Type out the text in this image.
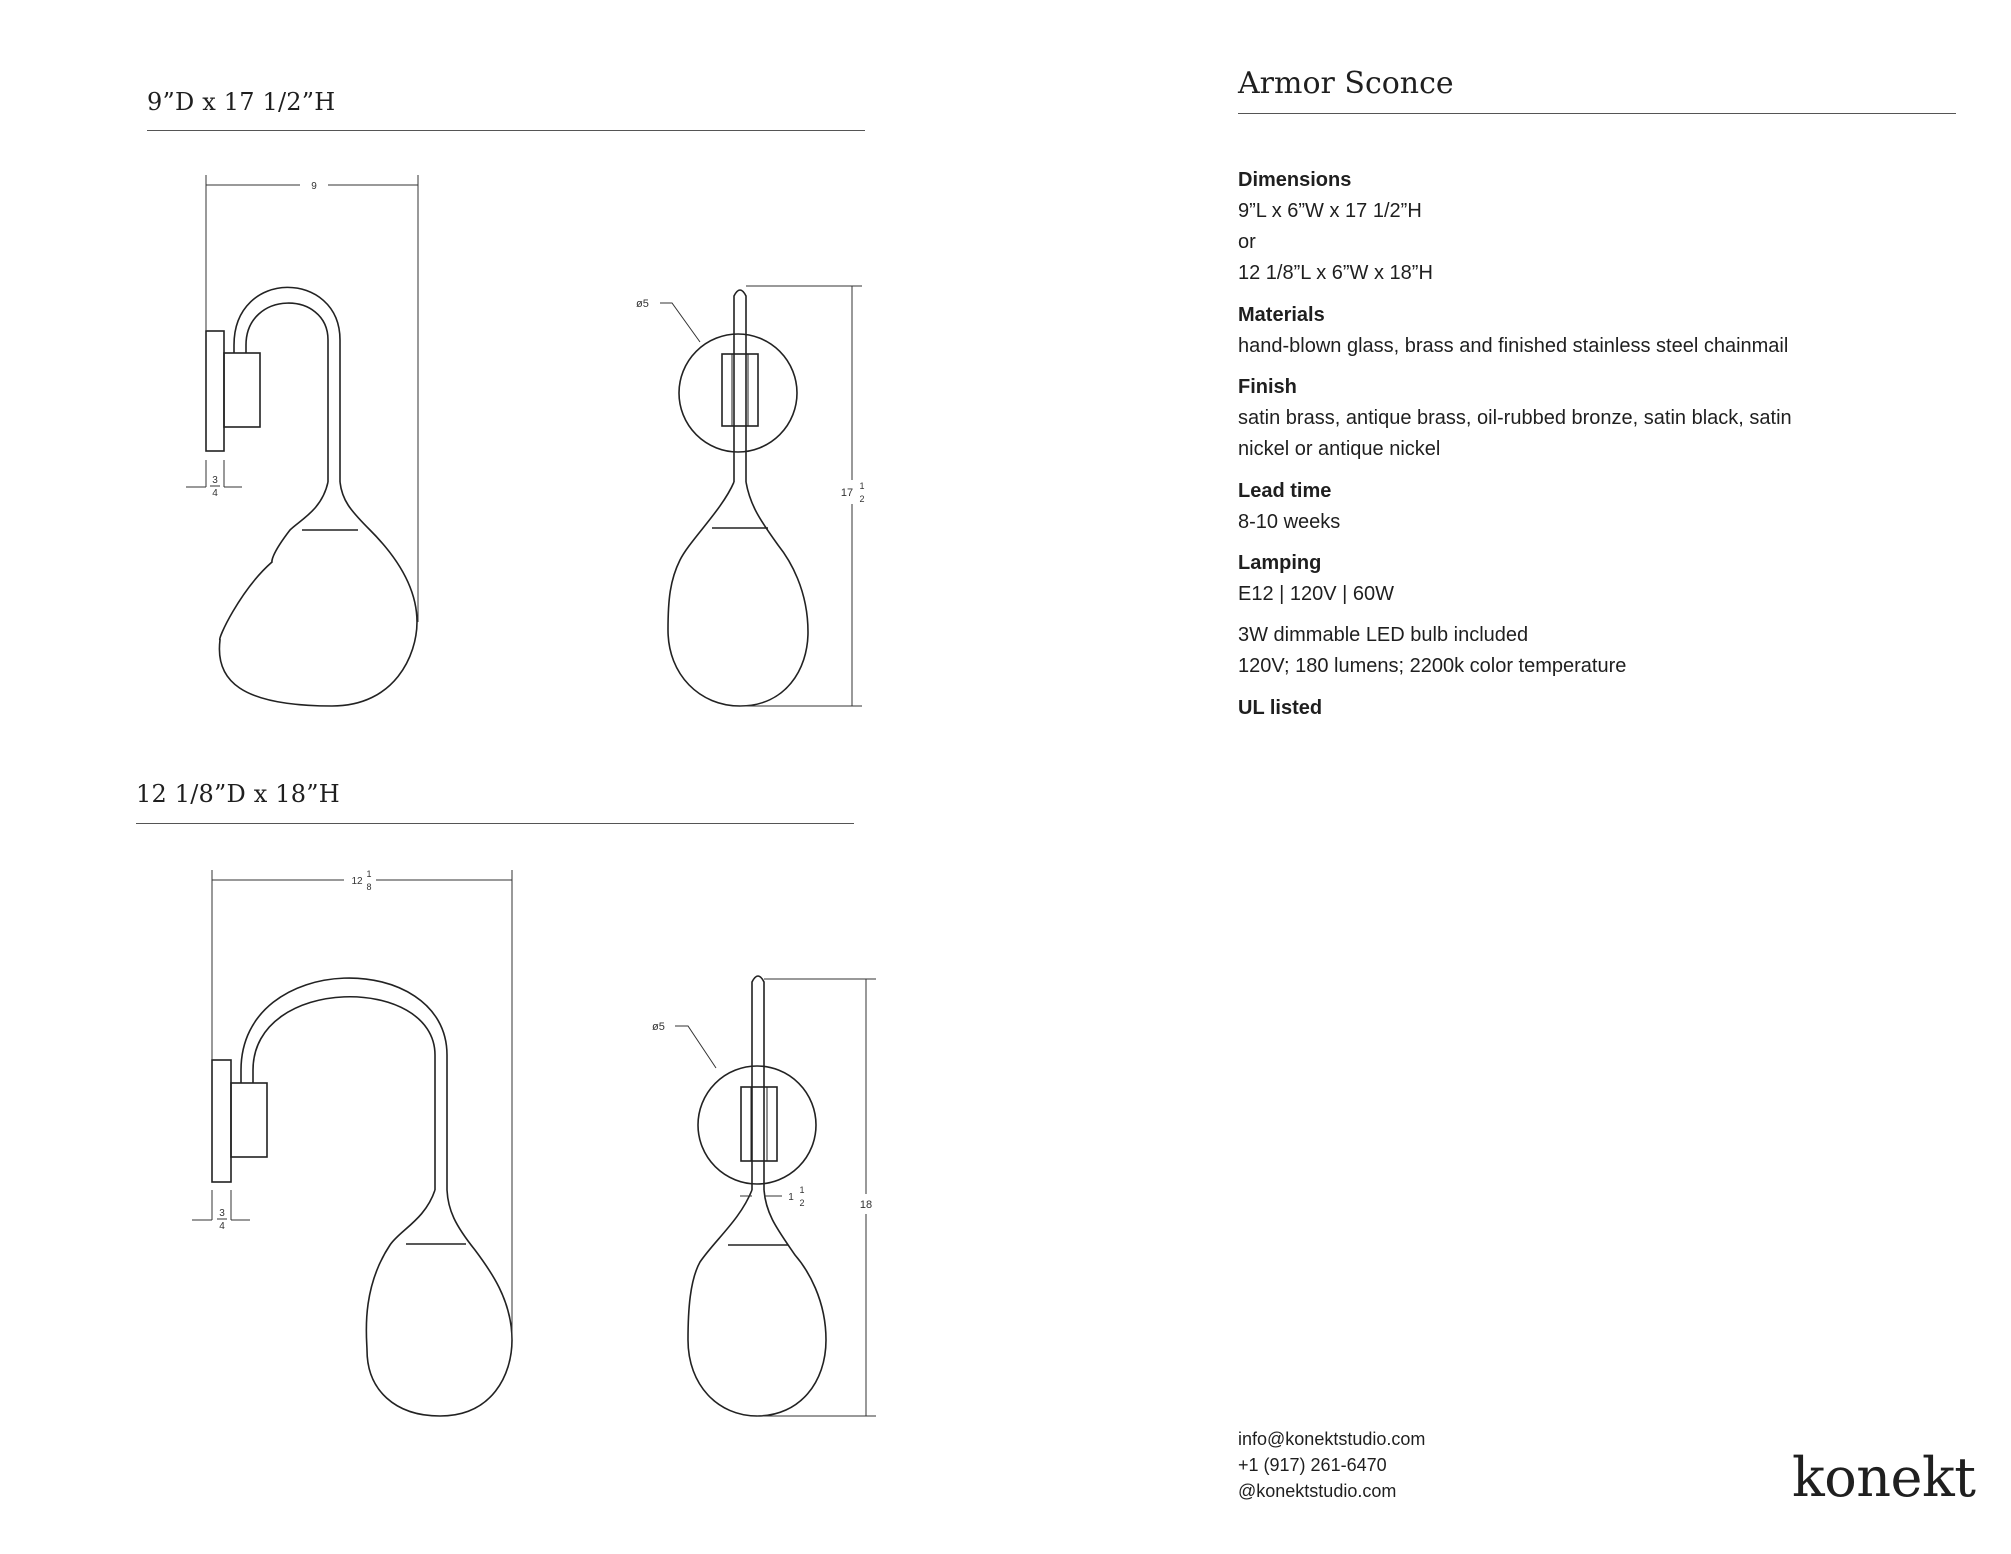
9”D x 17 1/2”H
9
3
4
ø5
17
1
2
12 1/8”D x 18”H
12
1
8
3
4
ø5
1
1
2	18
Armor Sconce
Dimensions
9”L x 6”W x 17 1/2”H
or
12 1/8”L x 6”W x 18”H
Materials
hand-blown glass, brass and finished stainless steel chainmail
Finish
satin brass, antique brass, oil-rubbed bronze, satin black, satin
nickel or antique nickel
Lead time
8-10 weeks
Lamping
E12 | 120V | 60W
3W dimmable LED bulb included
120V; 180 lumens; 2200k color temperature
UL listed
info@konektstudio.com
+1 (917) 261-6470
@konektstudio.com	konekt
